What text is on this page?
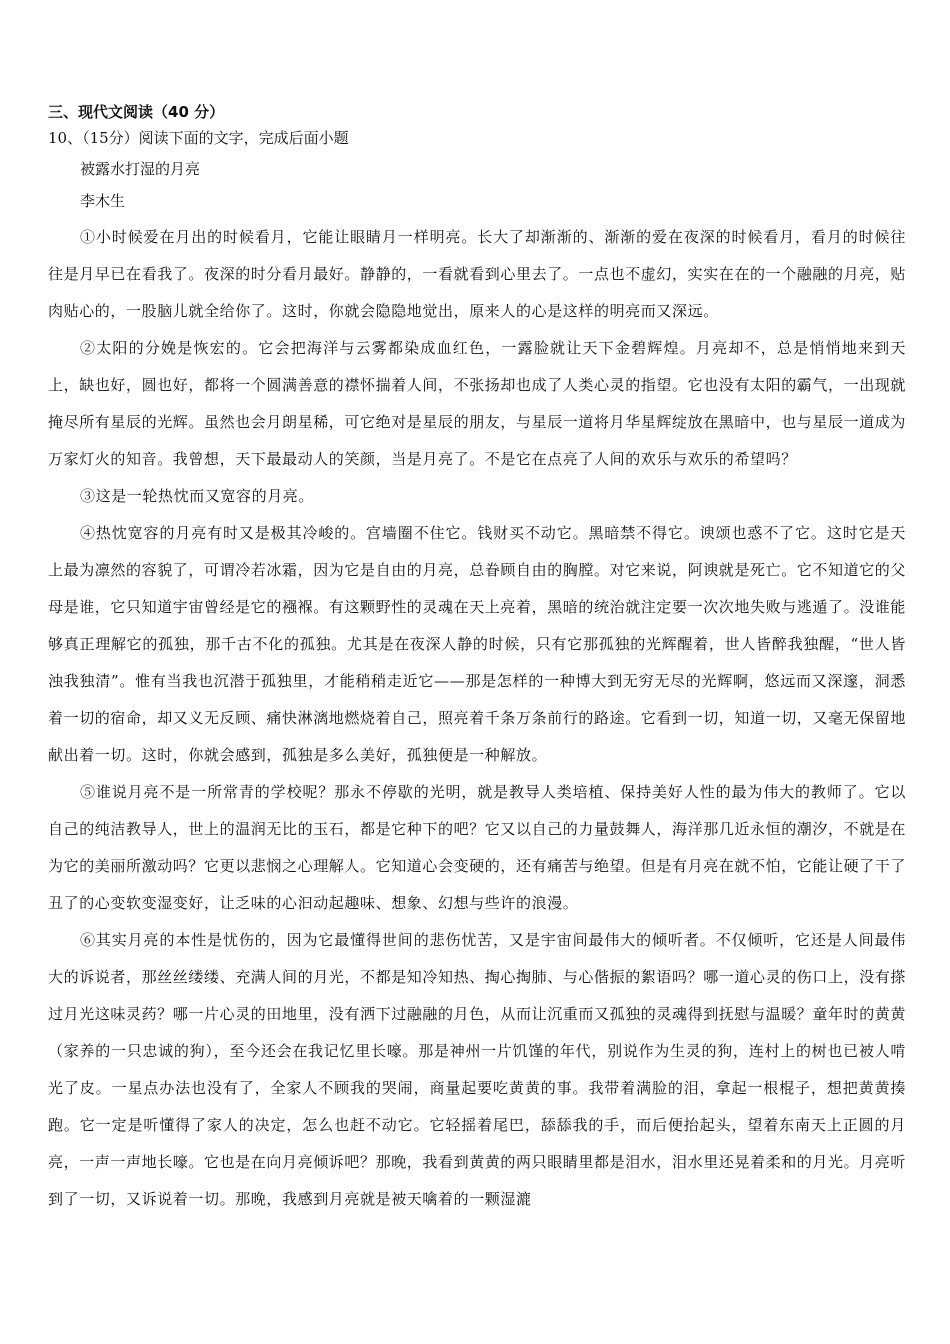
三、现代文阅读（40 分）
10、（15分）阅读下面的文字，完成后面小题
被露水打湿的月亮
李木生

①小时候爱在月出的时候看月，它能让眼睛月一样明亮。长大了却渐渐的、渐渐的爱在夜深的时候看月，看月的时候往往是月早已在看我了。夜深的时分看月最好。静静的，一看就看到心里去了。一点也不虚幻，实实在在的一个融融的月亮，贴肉贴心的，一股脑儿就全给你了。这时，你就会隐隐地觉出，原来人的心是这样的明亮而又深远。

②太阳的分娩是恢宏的。它会把海洋与云雾都染成血红色，一露脸就让天下金碧辉煌。月亮却不，总是悄悄地来到天上，缺也好，圆也好，都将一个圆满善意的襟怀揣着人间，不张扬却也成了人类心灵的指望。它也没有太阳的霸气，一出现就掩尽所有星辰的光辉。虽然也会月朗星稀，可它绝对是星辰的朋友，与星辰一道将月华星辉绽放在黑暗中，也与星辰一道成为万家灯火的知音。我曾想，天下最最动人的笑颜，当是月亮了。不是它在点亮了人间的欢乐与欢乐的希望吗？

③这是一轮热忱而又宽容的月亮。

④热忱宽容的月亮有时又是极其冷峻的。宫墙圈不住它。钱财买不动它。黑暗禁不得它。谀颂也惑不了它。这时它是天上最为凛然的容貌了，可谓冷若冰霜，因为它是自由的月亮，总眷顾自由的胸膛。对它来说，阿谀就是死亡。它不知道它的父母是谁，它只知道宇宙曾经是它的襁褓。有这颗野性的灵魂在天上亮着，黑暗的统治就注定要一次次地失败与逃遁了。没谁能够真正理解它的孤独，那千古不化的孤独。尤其是在夜深人静的时候，只有它那孤独的光辉醒着，世人皆醉我独醒，“世人皆浊我独清”。惟有当我也沉潜于孤独里，才能稍稍走近它——那是怎样的一种博大到无穷无尽的光辉啊，悠远而又深邃，洞悉着一切的宿命，却又义无反顾、痛快淋漓地燃烧着自己，照亮着千条万条前行的路途。它看到一切，知道一切，又毫无保留地献出着一切。这时，你就会感到，孤独是多么美好，孤独便是一种解放。

⑤谁说月亮不是一所常青的学校呢？那永不停歇的光明，就是教导人类培植、保持美好人性的最为伟大的教师了。它以自己的纯洁教导人，世上的温润无比的玉石，都是它种下的吧？它又以自己的力量鼓舞人，海洋那几近永恒的潮汐，不就是在为它的美丽所激动吗？它更以悲悯之心理解人。它知道心会变硬的，还有痛苦与绝望。但是有月亮在就不怕，它能让硬了干了丑了的心变软变湿变好，让乏味的心汩动起趣味、想象、幻想与些许的浪漫。

⑥其实月亮的本性是忧伤的，因为它最懂得世间的悲伤忧苦，又是宇宙间最伟大的倾听者。不仅倾听，它还是人间最伟大的诉说者，那丝丝缕缕、充满人间的月光，不都是知冷知热、掏心掏肺、与心偕振的絮语吗？哪一道心灵的伤口上，没有搽过月光这味灵药？哪一片心灵的田地里，没有洒下过融融的月色，从而让沉重而又孤独的灵魂得到抚慰与温暖？童年时的黄黄（家养的一只忠诚的狗），至今还会在我记忆里长嚎。那是神州一片饥馑的年代，别说作为生灵的狗，连村上的树也已被人啃光了皮。一星点办法也没有了，全家人不顾我的哭闹，商量起要吃黄黄的事。我带着满脸的泪，拿起一根棍子，想把黄黄揍跑。它一定是听懂得了家人的决定，怎么也赶不动它。它轻摇着尾巴，舔舔我的手，而后便抬起头，望着东南天上正圆的月亮，一声一声地长嚎。它也是在向月亮倾诉吧？那晚，我看到黄黄的两只眼睛里都是泪水，泪水里还晃着柔和的月光。月亮听到了一切，又诉说着一切。那晚，我感到月亮就是被天噙着的一颗湿漉
